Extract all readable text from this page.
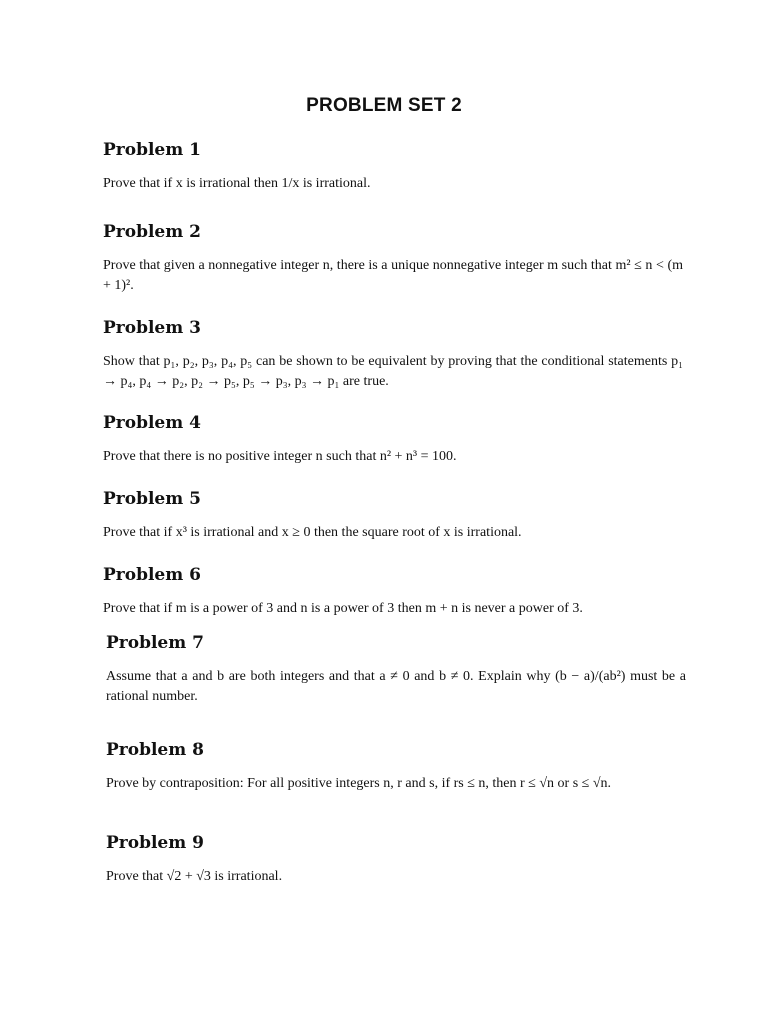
PROBLEM SET 2
Problem 1

Prove that if x is irrational then 1/x is irrational.

Problem 2

Prove that given a nonnegative integer n, there is a unique nonnegative integer m such that m² ≤ n < (m + 1)².

Problem 3

Show that p₁, p₂, p₃, p₄, p₅ can be shown to be equivalent by proving that the conditional statements p₁ → p₄, p₄ → p₂, p₂ → p₅, p₅ → p₃, p₃ → p₁ are true.

Problem 4

Prove that there is no positive integer n such that n² + n³ = 100.

Problem 5

Prove that if x³ is irrational and x ≥ 0 then the square root of x is irrational.

Problem 6

Prove that if m is a power of 3 and n is a power of 3 then m + n is never a power of 3.

Problem 7

Assume that a and b are both integers and that a ≠ 0 and b ≠ 0. Explain why (b − a)/(ab²) must be a rational number.

Problem 8

Prove by contraposition: For all positive integers n, r and s, if rs ≤ n, then r ≤ √n or s ≤ √n.

Problem 9

Prove that √2 + √3 is irrational.
